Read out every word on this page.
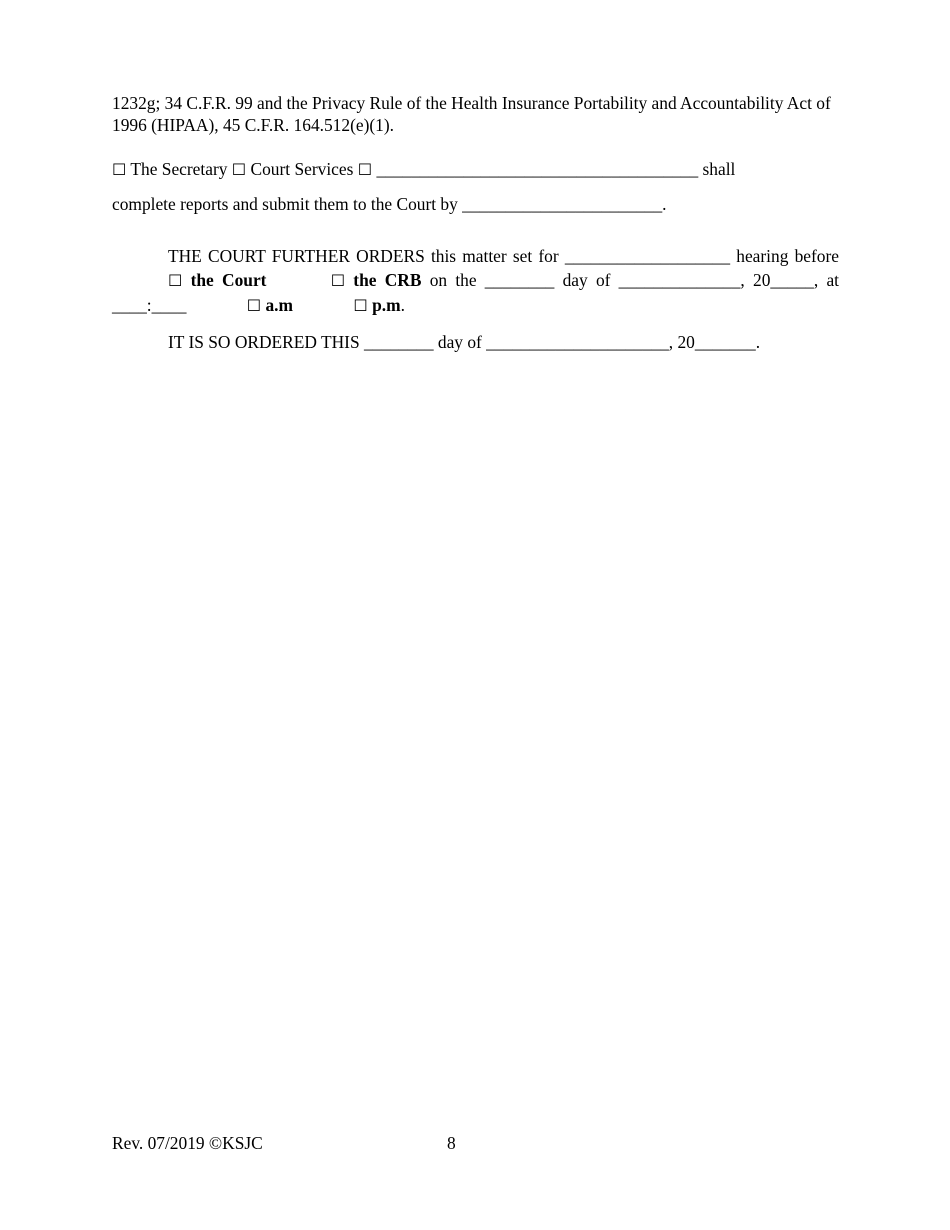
1232g; 34 C.F.R. 99 and the Privacy Rule of the Health Insurance Portability and Accountability Act of 1996 (HIPAA), 45 C.F.R. 164.512(e)(1).

☐ The Secretary ☐ Court Services ☐ _____________________________________ shall

complete reports and submit them to the Court by _______________________.

THE COURT FURTHER ORDERS this matter set for ___________________ hearing before ☐ the Court	☐ the CRB on the ________ day of ______________, 20_____, at ____:____	☐ a.m	☐ p.m.

IT IS SO ORDERED THIS ________ day of _____________________, 20_______.

Rev. 07/2019 ©KSJC	8
